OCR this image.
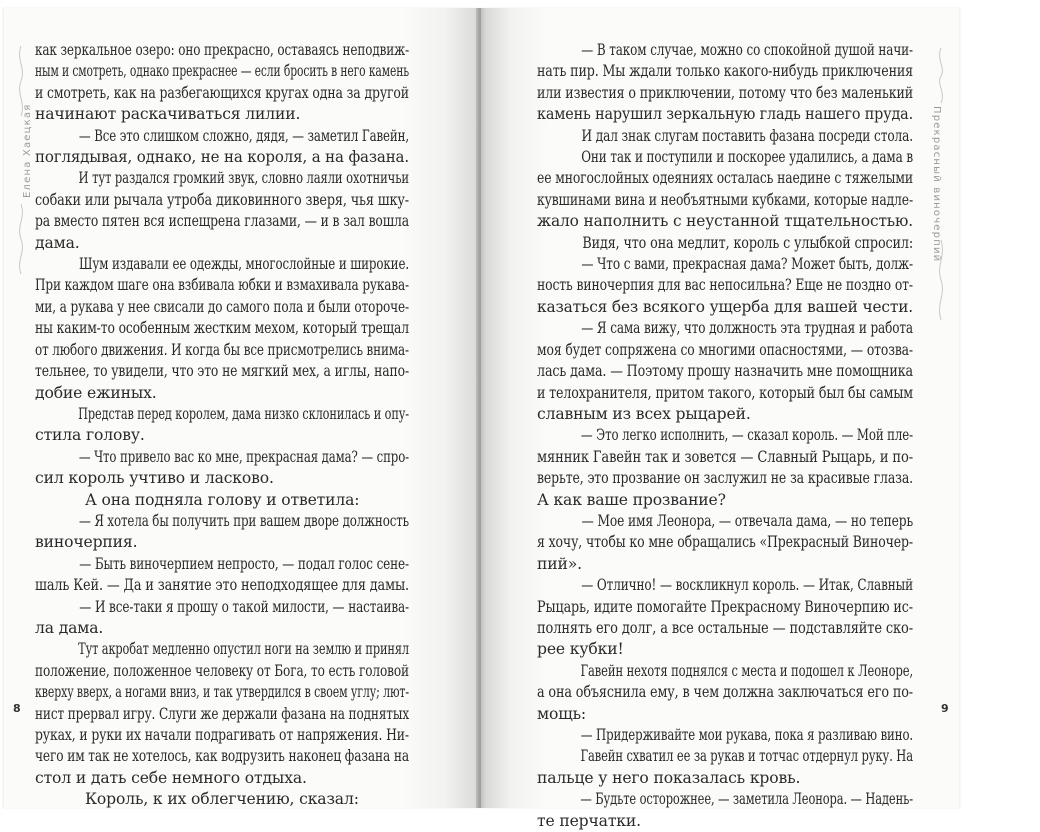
Елена Хаецкая

как зеркальное озеро: оно прекрасно, оставаясь неподвиж-

ным и смотреть, однако прекраснее — если бросить в него камень

и смотреть, как на разбегающихся кругах одна за другой

начинают раскачиваться лилии.

— Все это слишком сложно, дядя, — заметил Гавейн,

поглядывая, однако, не на короля, а на фазана.

И тут раздался громкий звук, словно лаяли охотничьи

собаки или рычала утроба диковинного зверя, чья шку-

ра вместо пятен вся испещрена глазами, — и в зал вошла

дама.

Шум издавали ее одежды, многослойные и широкие.

При каждом шаге она взбивала юбки и взмахивала рукава-

ми, а рукава у нее свисали до самого пола и были отороче-

ны каким-то особенным жестким мехом, который трещал

от любого движения. И когда бы все присмотрелись внима-

тельнее, то увидели, что это не мягкий мех, а иглы, напо-

добие ежиных.

Представ перед королем, дама низко склонилась и опу-

стила голову.

— Что привело вас ко мне, прекрасная дама? — спро-

сил король учтиво и ласково.

А она подняла голову и ответила:

— Я хотела бы получить при вашем дворе должность

виночерпия.

— Быть виночерпием непросто, — подал голос сене-

шаль Кей. — Да и занятие это неподходящее для дамы.

— И все-таки я прошу о такой милости, — настаива-

ла дама.

Тут акробат медленно опустил ноги на землю и принял

положение, положенное человеку от Бога, то есть головой

кверху вверх, а ногами вниз, и так утвердился в своем углу; лют-

нист прервал игру. Слуги же держали фазана на поднятых

руках, и руки их начали подрагивать от напряжения. Ни-

чего им так не хотелось, как водрузить наконец фазана на

стол и дать себе немного отдыха.

Король, к их облегчению, сказал:

8
Прекрасный виночерпий

— В таком случае, можно со спокойной душой начи-

нать пир. Мы ждали только какого-нибудь приключения

или известия о приключении, потому что без маленький

камень нарушил зеркальную гладь нашего пруда.

И дал знак слугам поставить фазана посреди стола.

Они так и поступили и поскорее удалились, а дама в

ее многослойных одеяниях осталась наедине с тяжелыми

кувшинами вина и необъятными кубками, которые надле-

жало наполнить с неустанной тщательностью.

Видя, что она медлит, король с улыбкой спросил:

— Что с вами, прекрасная дама? Может быть, долж-

ность виночерпия для вас непосильна? Еще не поздно от-

казаться без всякого ущерба для вашей чести.

— Я сама вижу, что должность эта трудная и работа

моя будет сопряжена со многими опасностями, — отозва-

лась дама. — Поэтому прошу назначить мне помощника

и телохранителя, притом такого, который был бы самым

славным из всех рыцарей.

— Это легко исполнить, — сказал король. — Мой пле-

мянник Гавейн так и зовется — Славный Рыцарь, и по-

верьте, это прозвание он заслужил не за красивые глаза.

А как ваше прозвание?

— Мое имя Леонора, — отвечала дама, — но теперь

я хочу, чтобы ко мне обращались «Прекрасный Виночер-

пий».

— Отлично! — воскликнул король. — Итак, Славный

Рыцарь, идите помогайте Прекрасному Виночерпию ис-

полнять его долг, а все остальные — подставляйте ско-

рее кубки!

Гавейн нехотя поднялся с места и подошел к Леоноре,

а она объяснила ему, в чем должна заключаться его по-

мощь:

— Придерживайте мои рукава, пока я разливаю вино.

Гавейн схватил ее за рукав и тотчас отдернул руку. На

пальце у него показалась кровь.

— Будьте осторожнее, — заметила Леонора. — Надень-

те перчатки.

9
